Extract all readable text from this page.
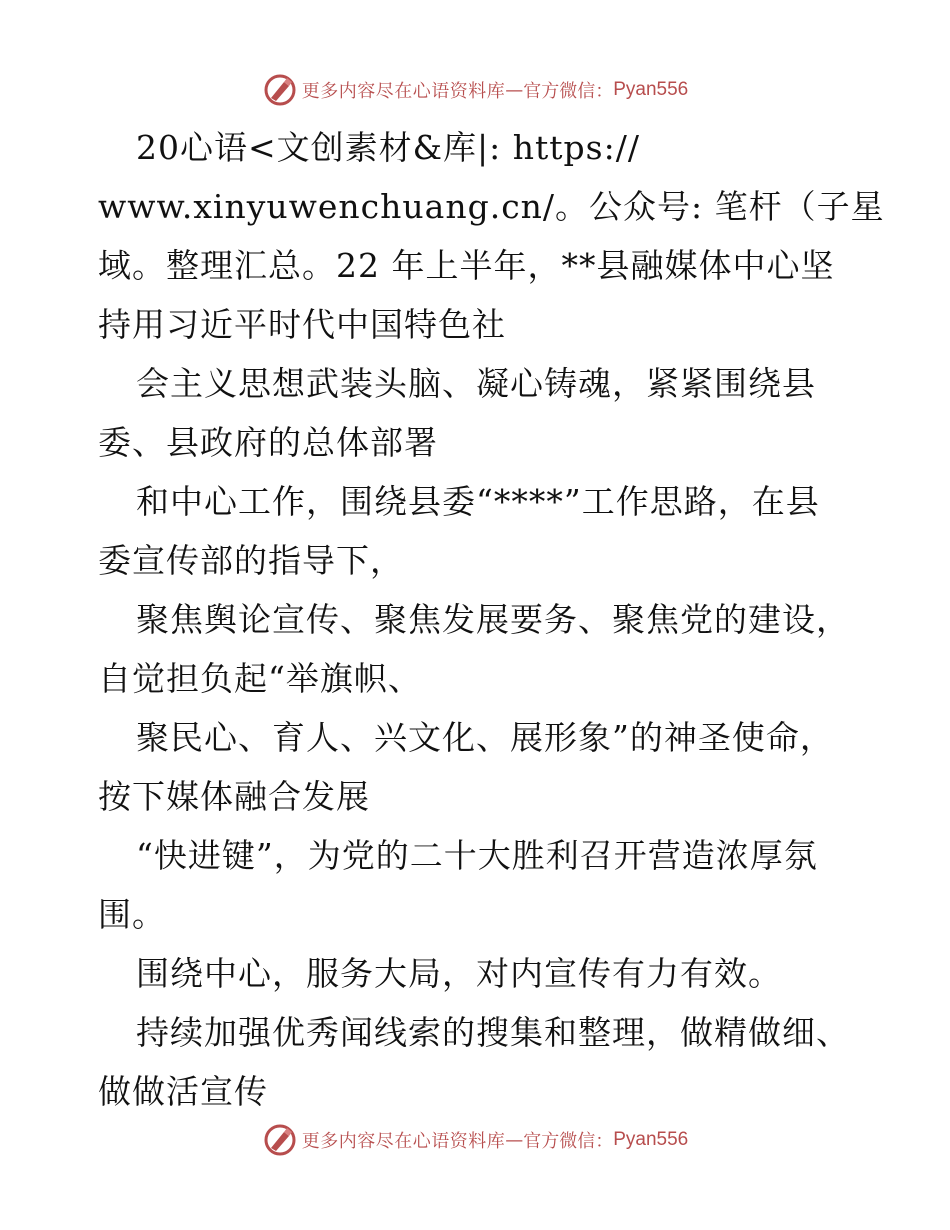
更多内容尽在心语资料库 — 官方微信： Pyan556
20心语<文创素材&库|: https://
www.xinyuwenchuang.cn/。公众号: 笔杆（子星
域。整理汇总。22 年上半年，**县融媒体中心坚
持用习近平时代中国特色社
会主义思想武装头脑、凝心铸魂，紧紧围绕县
委、县政府的总体部署
和中心工作，围绕县委“****”工作思路，在县
委宣传部的指导下，
聚焦舆论宣传、聚焦发展要务、聚焦党的建设，
自觉担负起“举旗帜、
聚民心、育人、兴文化、展形象”的神圣使命，
按下媒体融合发展
“快进键”，为党的二十大胜利召开营造浓厚氛
围。
围绕中心，服务大局，对内宣传有力有效。
持续加强优秀闻线索的搜集和整理，做精做细、
做做活宣传
更多内容尽在心语资料库 — 官方微信： Pyan556
